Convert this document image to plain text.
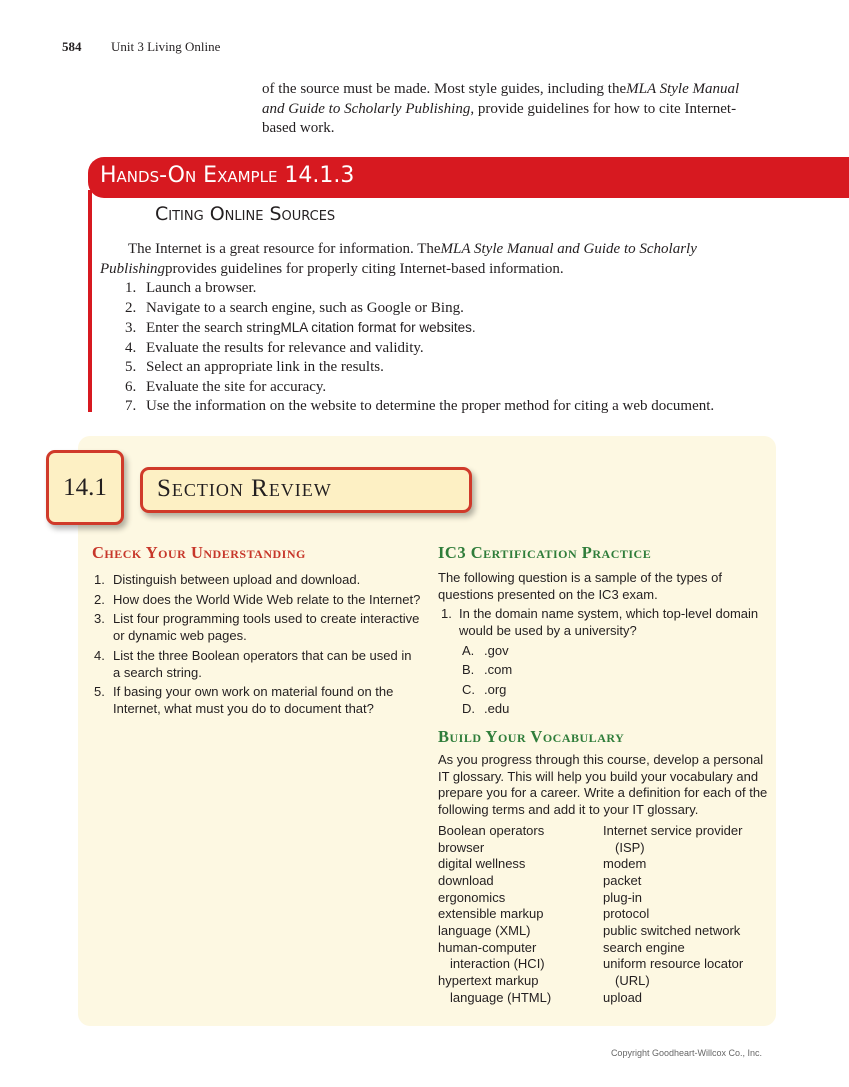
584 Unit 3 Living Online

of the source must be made. Most style guides, including theMLA Style Manual and Guide to Scholarly Publishing, provide guidelines for how to cite Internet-based work.

Hands-On Example 14.1.3
Citing Online Sources

The Internet is a great resource for information. TheMLA Style Manual and Guide to Scholarly Publishingprovides guidelines for properly citing Internet-based information.

1. Launch a browser.
2. Navigate to a search engine, such as Google or Bing.
3. Enter the search stringMLA citation format for websites.
4. Evaluate the results for relevance and validity.
5. Select an appropriate link in the results.
6. Evaluate the site for accuracy.
7. Use the information on the website to determine the proper method for citing a web document.
14.1	Section Review
Check Your Understanding
1. Distinguish between upload and download.
2. How does the World Wide Web relate to the Internet?
3. List four programming tools used to create interactive or dynamic web pages.
4. List the three Boolean operators that can be used in a search string.
5. If basing your own work on material found on the Internet, what must you do to document that?
IC3 Certification Practice

The following question is a sample of the types of questions presented on the IC3 exam.

1. In the domain name system, which top-level domain would be used by a university?
A. .gov
B. .com
C. .org
D. .edu
Build Your Vocabulary

As you progress through this course, develop a personal IT glossary. This will help you build your vocabulary and prepare you for a career. Write a definition for each of the following terms and add it to your IT glossary.

Boolean operators
browser
digital wellness
download
ergonomics
extensible markup
language (XML)
human-computer
interaction (HCI)
hypertext markup
language (HTML)
Internet service provider
(ISP)
modem
packet
plug-in
protocol
public switched network
search engine
uniform resource locator
(URL)
upload
Copyright Goodheart-Willcox Co., Inc.
